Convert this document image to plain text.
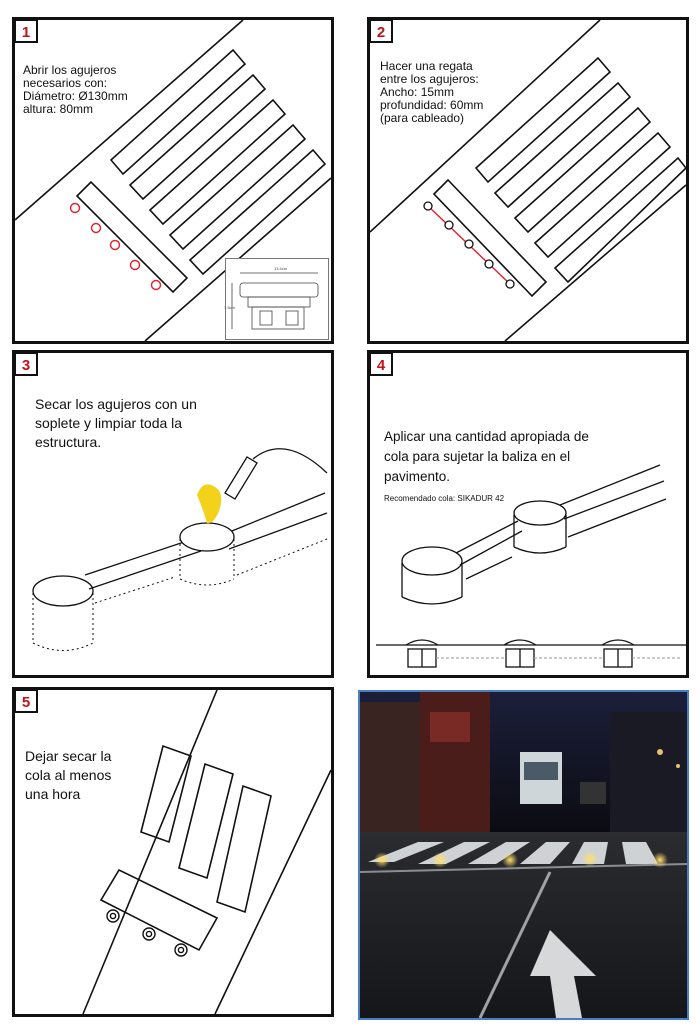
1
Abrir los agujeros
necesarios con:
Diámetro: Ø130mm
altura: 80mm
13.4cm
7.5cm
2
Hacer una regata
entre los agujeros:
Ancho: 15mm
profundidad: 60mm
(para cableado)
3
Secar los agujeros con un
soplete y limpiar toda la
estructura.
4

Aplicar una cantidad apropiada de
cola para sujetar la baliza en el
pavimento.
Recomendado cola: SIKADUR 42

5
Dejar secar la
cola al menos
una hora
